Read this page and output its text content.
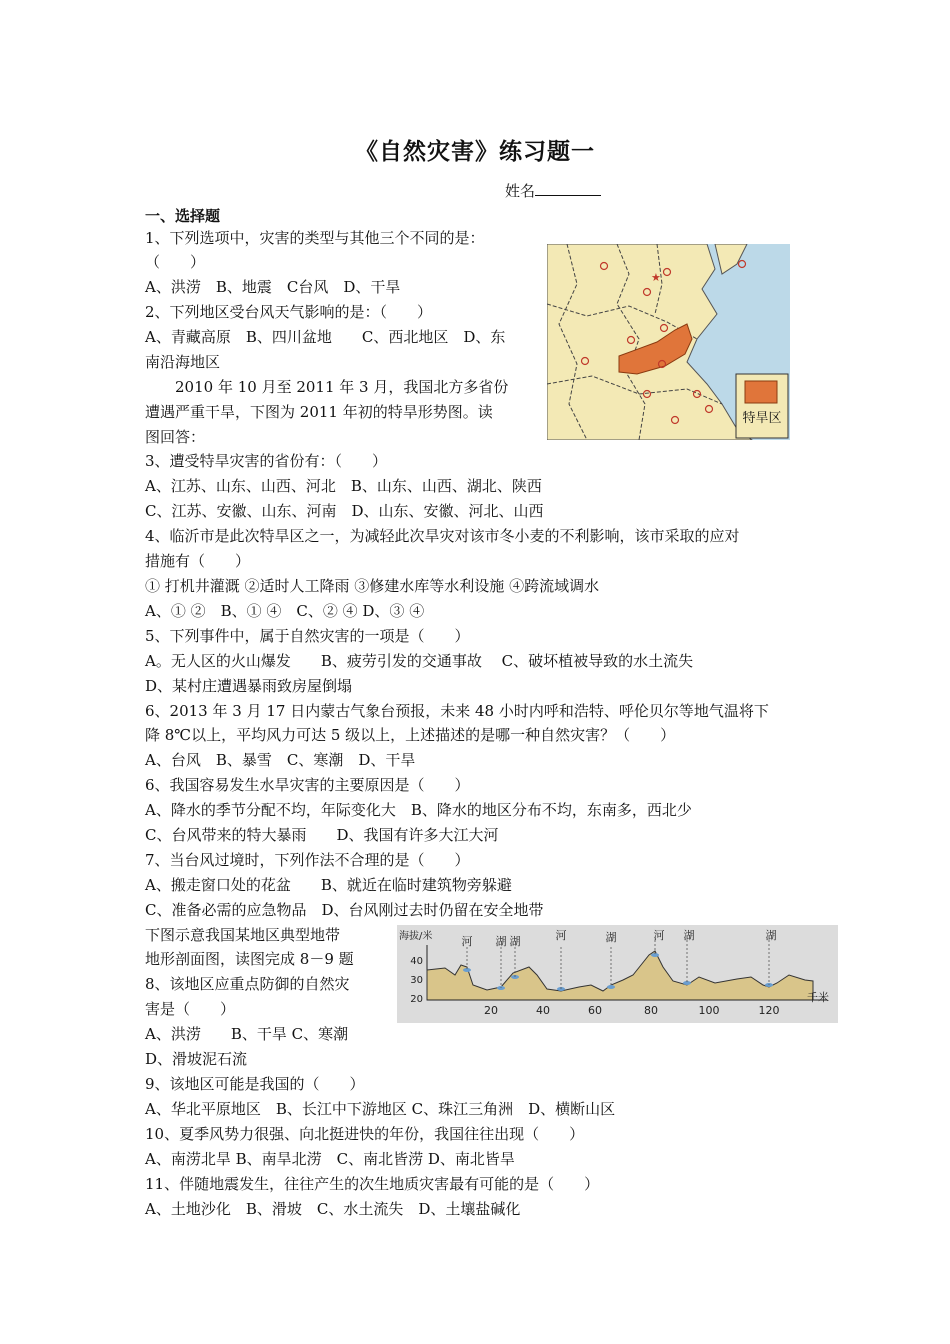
《自然灾害》练习题一
姓名
一、选择题
1、下列选项中，灾害的类型与其他三个不同的是：
（　　）
A、洪涝　B、地震　C台风　D、干旱
2、下列地区受台风天气影响的是：（　　）
A、青藏高原　B、四川盆地　　C、西北地区　D、东
南沿海地区
　　2010 年 10 月至 2011 年 3 月，我国北方多省份
遭遇严重干旱，下图为 2011 年初的特旱形势图。读
图回答：
3、遭受特旱灾害的省份有：（　　）
A、江苏、山东、山西、河北　B、山东、山西、湖北、陕西
C、江苏、安徽、山东、河南　D、山东、安徽、河北、山西
4、临沂市是此次特旱区之一，为减轻此次旱灾对该市冬小麦的不利影响，该市采取的应对
措施有（　　）
① 打机井灌溉 ②适时人工降雨 ③修建水库等水利设施 ④跨流域调水
A、① ②　B、① ④　C、② ④ D、③ ④
5、下列事件中，属于自然灾害的一项是（　　）
A。无人区的火山爆发　　B、疲劳引发的交通事故　 C、破坏植被导致的水土流失
D、某村庄遭遇暴雨致房屋倒塌
6、2013 年 3 月 17 日内蒙古气象台预报，未来 48 小时内呼和浩特、呼伦贝尔等地气温将下
降 8℃以上，平均风力可达 5 级以上，上述描述的是哪一种自然灾害？（　　）
A、台风　B、暴雪　C、寒潮　D、干旱
6、我国容易发生水旱灾害的主要原因是（　　）
A、降水的季节分配不均，年际变化大　B、降水的地区分布不均，东南多，西北少
C、台风带来的特大暴雨　　D、我国有许多大江大河
7、当台风过境时，下列作法不合理的是（　　）
A、搬走窗口处的花盆　　B、就近在临时建筑物旁躲避
C、准备必需的应急物品　D、台风刚过去时仍留在安全地带
下图示意我国某地区典型地带
地形剖面图，读图完成 8－9 题
8、该地区应重点防御的自然灾
害是（　　）
A、洪涝　　B、干旱 C、寒潮
D、滑坡泥石流
9、该地区可能是我国的（　　）
A、华北平原地区　B、长江中下游地区 C、珠江三角洲　D、横断山区
10、夏季风势力很强、向北挺进快的年份，我国往往出现（　　）
A、南涝北旱 B、南旱北涝　C、南北皆涝 D、南北皆旱
11、伴随地震发生，往往产生的次生地质灾害最有可能的是（　　）
A、土地沙化　B、滑坡　C、水土流失　D、土壤盐碱化
★
特旱区
海拔/米
40
30
20
河 湖 湖	河	湖	河 湖	湖
20	40	60	80	100	120
千米
